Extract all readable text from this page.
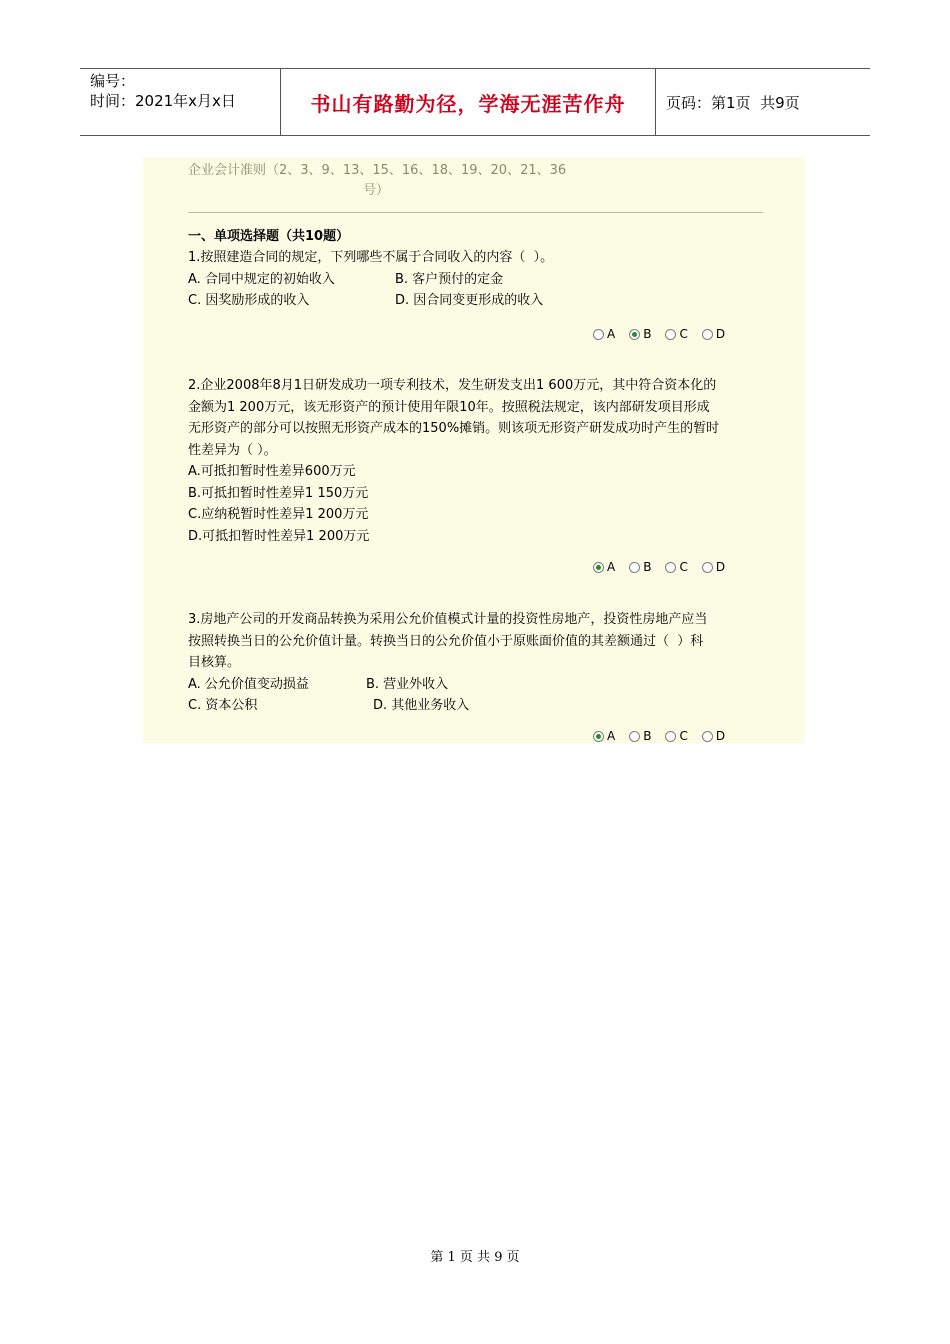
编号：
时间：2021年x月x日	书山有路勤为径，学海无涯苦作舟	页码：第1页  共9页
企业会计准则（2、3、9、13、15、16、18、19、20、21、36
号）
一、单项选择题（共10题）
1.按照建造合同的规定，下列哪些不属于合同收入的内容（  ）。
A. 合同中规定的初始收入	B. 客户预付的定金
C. 因奖励形成的收入	D. 因合同变更形成的收入
A B C D
2.企业2008年8月1日研发成功一项专利技术，发生研发支出1 600万元，其中符合资本化的
金额为1 200万元，该无形资产的预计使用年限10年。按照税法规定，该内部研发项目形成
无形资产的部分可以按照无形资产成本的150%摊销。则该项无形资产研发成功时产生的暂时
性差异为（ ）。
A.可抵扣暂时性差异600万元
B.可抵扣暂时性差异1 150万元
C.应纳税暂时性差异1 200万元
D.可抵扣暂时性差异1 200万元
A B C D
3.房地产公司的开发商品转换为采用公允价值模式计量的投资性房地产，投资性房地产应当
按照转换当日的公允价值计量。转换当日的公允价值小于原账面价值的其差额通过（  ）科
目核算。
A. 公允价值变动损益	B. 营业外收入
C. 资本公积	D. 其他业务收入
A B C D
第 1 页 共 9 页
